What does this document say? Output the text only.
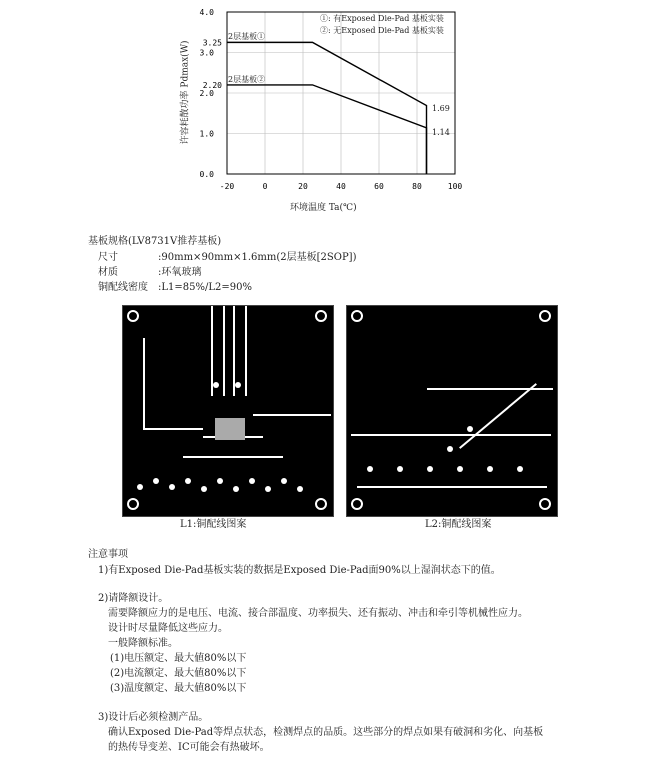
-20	0	20	40	60	80	100
0.0
1.0
2.0
3.0
4.0
3.25
2.20
许容耗散功率 Pdmax(W)
环境温度 Ta(℃)
①: 有Exposed Die-Pad 基板实装
②: 无Exposed Die-Pad 基板实装
2层基板①
2层基板②
1.69
1.14
基板规格(LV8731V推荐基板)
尺寸	:90mm×90mm×1.6mm(2层基板[2SOP])
材质	:环氧玻璃
铜配线密度 :L1=85%/L2=90%
L1:铜配线图案	L2:铜配线图案
注意事项
1)有Exposed Die-Pad基板实装的数据是Exposed Die-Pad面90%以上湿润状态下的值。
2)请降额设计。
需要降额应力的是电压、电流、接合部温度、功率损失、还有振动、冲击和牵引等机械性应力。
设计时尽量降低这些应力。
一般降额标准。
(1)电压额定、最大値80%以下
(2)电流额定、最大値80%以下
(3)温度额定、最大値80%以下
3)设计后必须检测产品。
确认Exposed Die-Pad等焊点状态，检测焊点的品质。这些部分的焊点如果有破洞和劣化、向基板
的热传导变差、IC可能会有热破坏。
